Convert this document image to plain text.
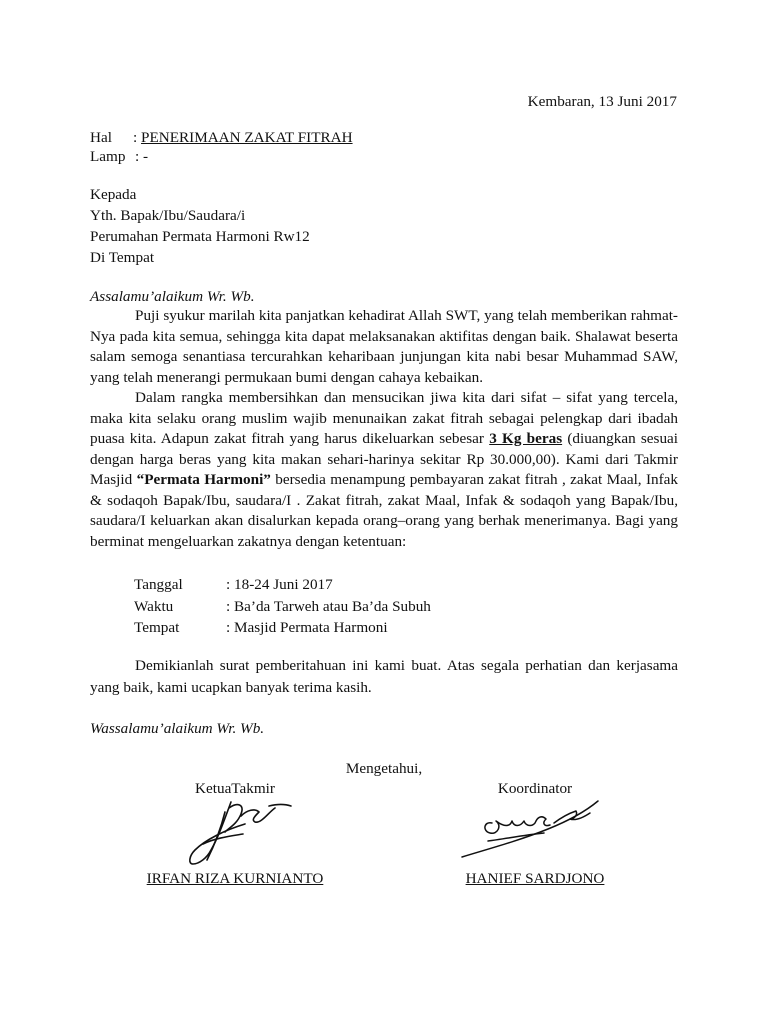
Kembaran, 13 Juni 2017
Hal : PENERIMAAN ZAKAT FITRAH
Lamp : -
Kepada
Yth. Bapak/Ibu/Saudara/i
Perumahan Permata Harmoni Rw12
Di Tempat
Assalamu’alaikum Wr. Wb.

Puji syukur marilah kita panjatkan kehadirat Allah SWT, yang telah memberikan rahmat-Nya pada kita semua, sehingga kita dapat melaksanakan aktifitas dengan baik. Shalawat beserta salam semoga senantiasa tercurahkan keharibaan junjungan kita nabi besar Muhammad SAW, yang telah menerangi permukaan bumi dengan cahaya kebaikan.

Dalam rangka membersihkan dan mensucikan jiwa kita dari sifat – sifat yang tercela, maka kita selaku orang muslim wajib menunaikan zakat fitrah sebagai pelengkap dari ibadah puasa kita. Adapun zakat fitrah yang harus dikeluarkan sebesar 3 Kg beras (diuangkan sesuai dengan harga beras yang kita makan sehari-harinya sekitar Rp 30.000,00). Kami dari Takmir Masjid “Permata Harmoni” bersedia menampung pembayaran zakat fitrah , zakat Maal, Infak & sodaqoh Bapak/Ibu, saudara/I . Zakat fitrah, zakat Maal, Infak & sodaqoh yang Bapak/Ibu, saudara/I keluarkan akan disalurkan kepada orang–orang yang berhak menerimanya. Bagi yang berminat mengeluarkan zakatnya dengan ketentuan:

Tanggal	: 18-24 Juni 2017
Waktu	: Ba’da Tarweh atau Ba’da Subuh
Tempat	: Masjid Permata Harmoni

Demikianlah surat pemberitahuan ini kami buat. Atas segala perhatian dan kerjasama yang baik, kami ucapkan banyak terima kasih.

Wassalamu’alaikum Wr. Wb.
Mengetahui,
KetuaTakmir	Koordinator
IRFAN RIZA KURNIANTO	HANIEF SARDJONO
